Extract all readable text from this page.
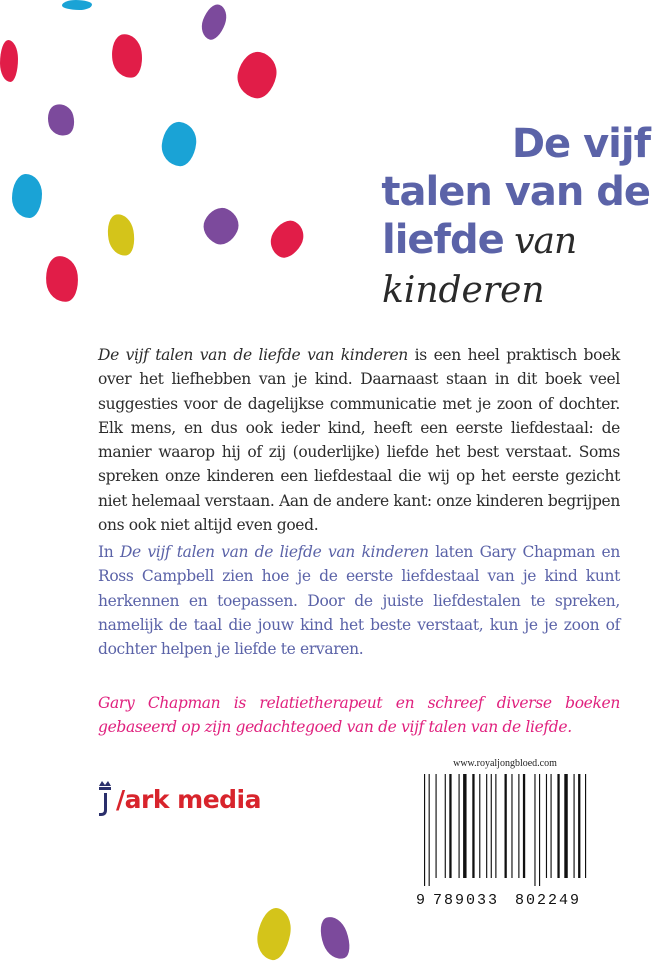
De vijf
talen van de
liefde van
kinderen
De vijf talen van de liefde van kinderen is een heel praktisch boek over het liefhebben van je kind. Daarnaast staan in dit boek veel suggesties voor de dagelijkse communicatie met je zoon of dochter. Elk mens, en dus ook ieder kind, heeft een eerste liefdestaal: de manier waarop hij of zij (ouderlijke) liefde het best verstaat. Soms spreken onze kinderen een liefdestaal die wij op het eerste gezicht niet helemaal verstaan. Aan de andere kant: onze kinderen begrijpen ons ook niet altijd even goed.
In De vijf talen van de liefde van kinderen laten Gary Chapman en Ross Campbell zien hoe je de eerste liefdestaal van je kind kunt herkennen en toepassen. Door de juiste liefdestalen te spreken, namelijk de taal die jouw kind het beste verstaat, kun je je zoon of dochter helpen je liefde te ervaren.
Gary Chapman is relatietherapeut en schreef diverse boeken gebaseerd op zijn gedachtegoed van de vijf talen van de liefde.
/ark media
www.royaljongbloed.com
9 789033 802249
